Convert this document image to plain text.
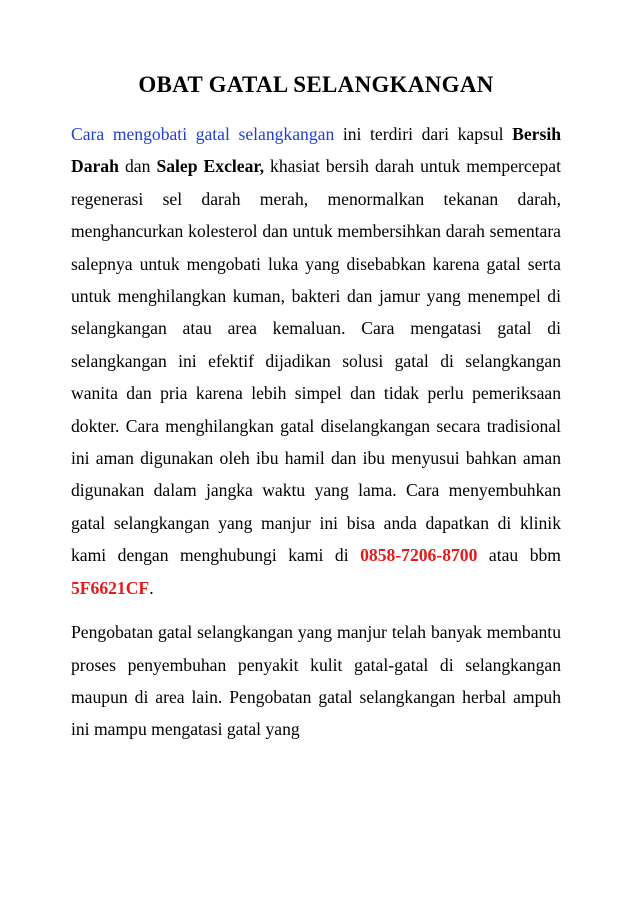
OBAT GATAL SELANGKANGAN

Cara mengobati gatal selangkangan ini terdiri dari kapsul Bersih Darah dan Salep Exclear, khasiat bersih darah untuk mempercepat regenerasi sel darah merah, menormalkan tekanan darah, menghancurkan kolesterol dan untuk membersihkan darah sementara salepnya untuk mengobati luka yang disebabkan karena gatal serta untuk menghilangkan kuman, bakteri dan jamur yang menempel di selangkangan atau area kemaluan. Cara mengatasi gatal di selangkangan ini efektif dijadikan solusi gatal di selangkangan wanita dan pria karena lebih simpel dan tidak perlu pemeriksaan dokter. Cara menghilangkan gatal diselangkangan secara tradisional ini aman digunakan oleh ibu hamil dan ibu menyusui bahkan aman digunakan dalam jangka waktu yang lama. Cara menyembuhkan gatal selangkangan yang manjur ini bisa anda dapatkan di klinik kami dengan menghubungi kami di 0858-7206-8700 atau bbm 5F6621CF.

Pengobatan gatal selangkangan yang manjur telah banyak membantu proses penyembuhan penyakit kulit gatal-gatal di selangkangan maupun di area lain. Pengobatan gatal selangkangan herbal ampuh ini mampu mengatasi gatal yang
